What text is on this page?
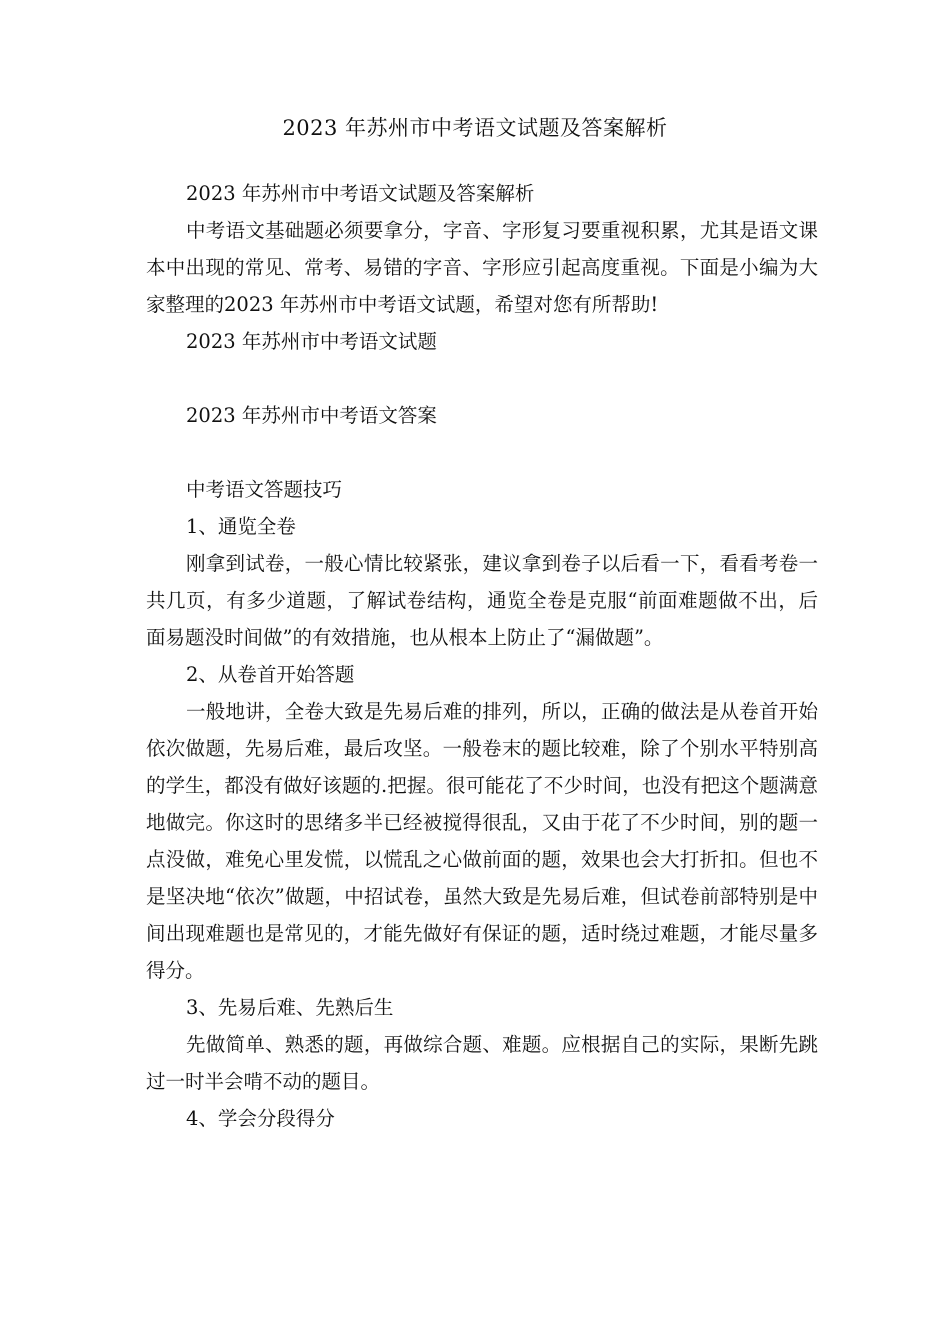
2023 年苏州市中考语文试题及答案解析

2023 年苏州市中考语文试题及答案解析

中考语文基础题必须要拿分，字音、字形复习要重视积累，尤其是语文课本中出现的常见、常考、易错的字音、字形应引起高度重视。下面是小编为大家整理的2023 年苏州市中考语文试题，希望对您有所帮助!

2023 年苏州市中考语文试题

2023 年苏州市中考语文答案

中考语文答题技巧

1、通览全卷

刚拿到试卷，一般心情比较紧张，建议拿到卷子以后看一下，看看考卷一共几页，有多少道题，了解试卷结构，通览全卷是克服“前面难题做不出，后面易题没时间做”的有效措施，也从根本上防止了“漏做题”。

2、从卷首开始答题

一般地讲，全卷大致是先易后难的排列，所以，正确的做法是从卷首开始依次做题，先易后难，最后攻坚。一般卷末的题比较难，除了个别水平特别高的学生，都没有做好该题的.把握。很可能花了不少时间，也没有把这个题满意地做完。你这时的思绪多半已经被搅得很乱，又由于花了不少时间，别的题一点没做，难免心里发慌，以慌乱之心做前面的题，效果也会大打折扣。但也不是坚决地“依次”做题，中招试卷，虽然大致是先易后难，但试卷前部特别是中间出现难题也是常见的，才能先做好有保证的题，适时绕过难题，才能尽量多得分。

3、先易后难、先熟后生

先做简单、熟悉的题，再做综合题、难题。应根据自己的实际，果断先跳过一时半会啃不动的题目。

4、学会分段得分
